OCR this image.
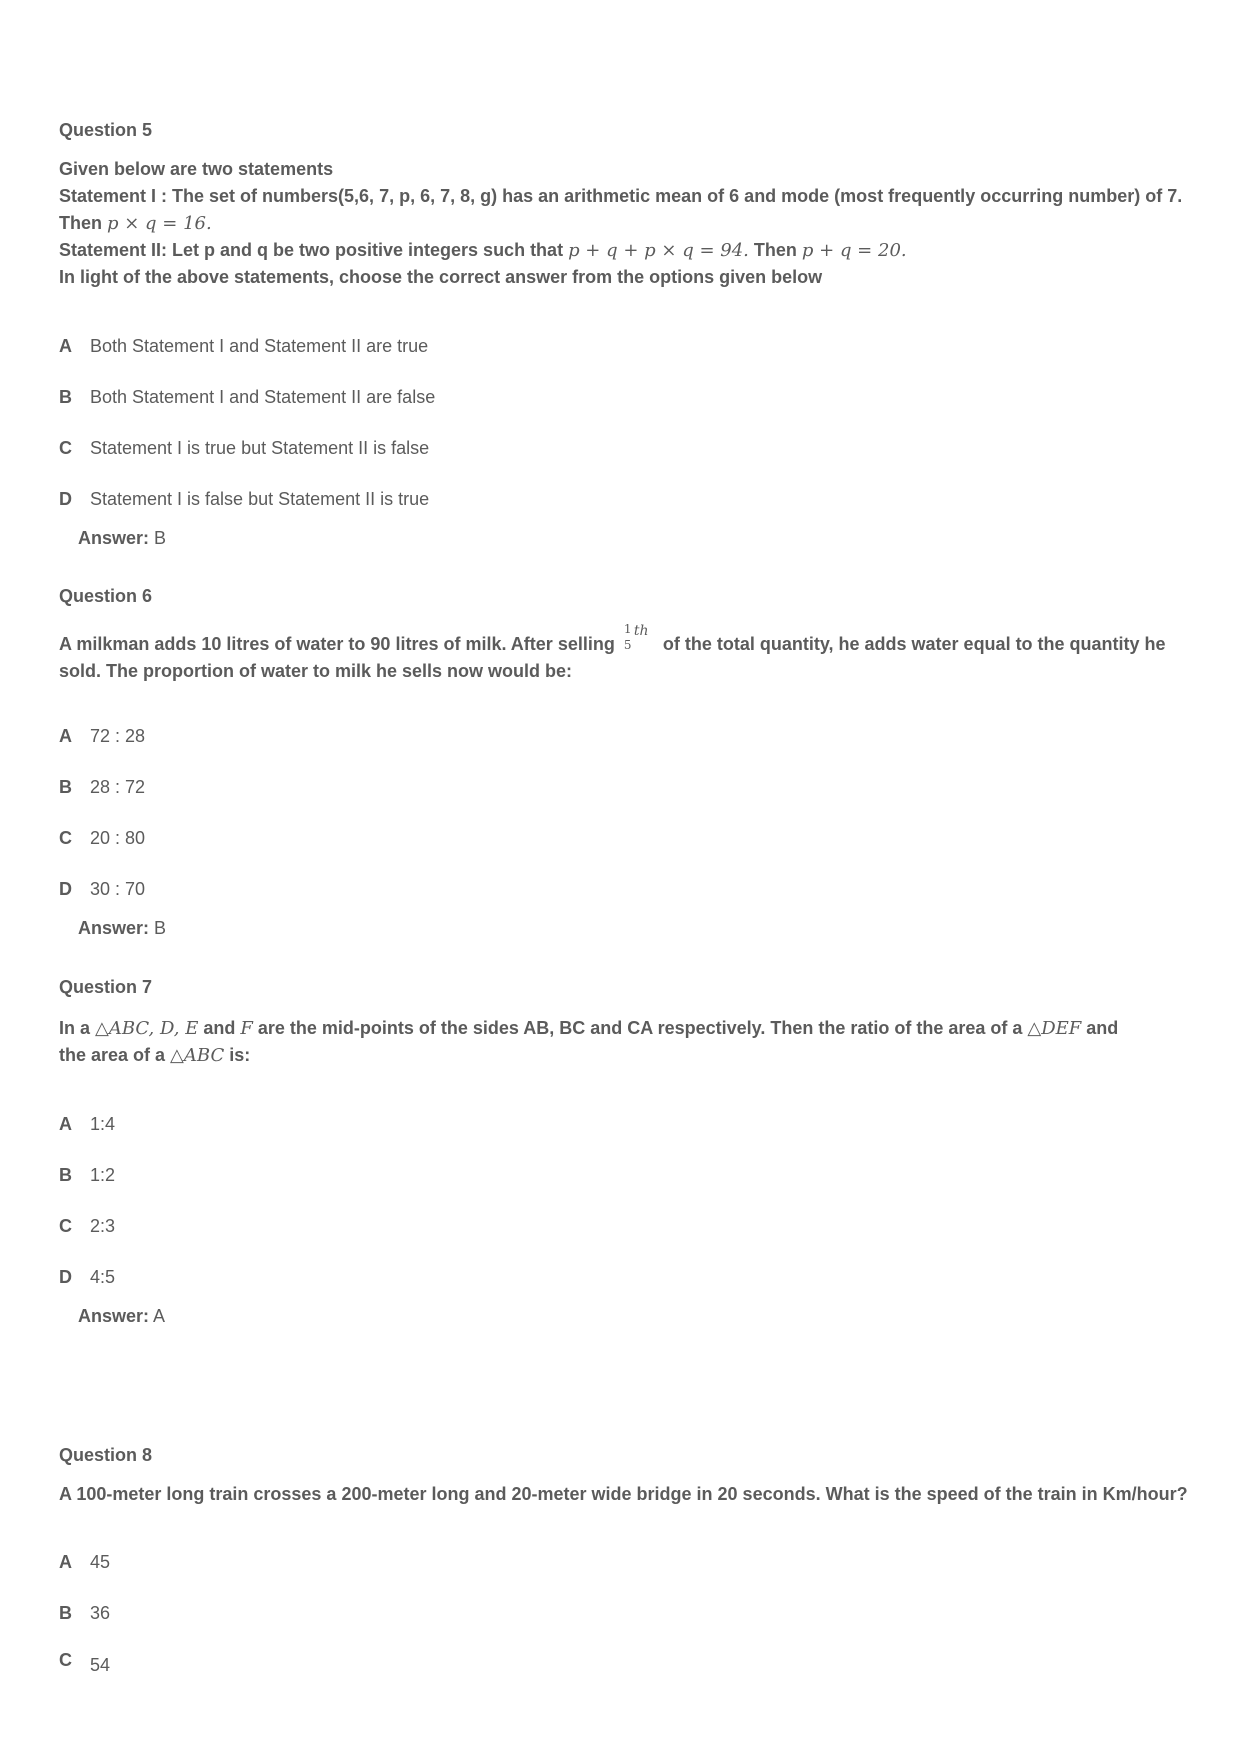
Question 5

Given below are two statements

Statement I : The set of numbers(5,6, 7, p, 6, 7, 8, g) has an arithmetic mean of 6 and mode (most frequently occurring number) of 7.

Then p × q = 16.

Statement II: Let p and q be two positive integers such that p + q + p × q = 94. Then p + q = 20.

In light of the above statements, choose the correct answer from the options given below

A Both Statement I and Statement II are true
B Both Statement I and Statement II are false
C Statement I is true but Statement II is false
D Statement I is false but Statement II is true
Answer: B

Question 6

A milkman adds 10 litres of water to 90 litres of milk. After selling
1
5
th
of the total quantity, he adds water equal to the quantity he

sold. The proportion of water to milk he sells now would be:

A 72 : 28
B 28 : 72
C 20 : 80
D 30 : 70
Answer: B

Question 7

In a △ABC, D, E and F are the mid-points of the sides AB, BC and CA respectively. Then the ratio of the area of a △DEF and

the area of a △ABC is:

A 1:4
B 1:2
C 2:3
D 4:5
Answer: A

Question 8

A 100-meter long train crosses a 200-meter long and 20-meter wide bridge in 20 seconds. What is the speed of the train in Km/hour?

A 45
B 36
C 54
